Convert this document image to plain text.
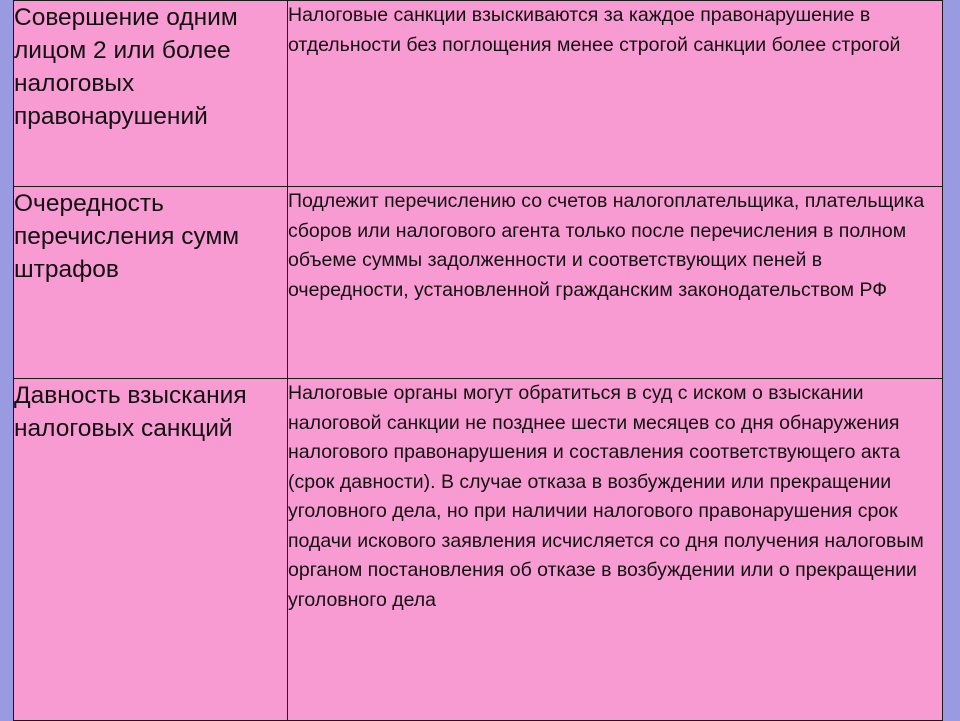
Совершение одним лицом 2 или более налоговых правонарушений	Налоговые санкции взыскиваются за каждое правонарушение в отдельности без поглощения менее строгой санкции более строгой
Очередность перечисления сумм штрафов	Подлежит перечислению со счетов налогоплательщика, плательщика сборов или налогового агента только после перечисления в полном объеме суммы задолженности и соответствующих пеней в очередности, установленной гражданским законодательством РФ
Давность взыскания налоговых санкций	Налоговые органы могут обратиться в суд с иском о взыскании налоговой санкции не позднее шести месяцев со дня обнаружения налогового правонарушения и составления соответствующего акта (срок давности). В случае отказа в возбуждении или прекращении уголовного дела, но при наличии налогового правонарушения срок подачи искового заявления исчисляется со дня получения налоговым органом постановления об отказе в возбуждении или о прекращении уголовного дела
